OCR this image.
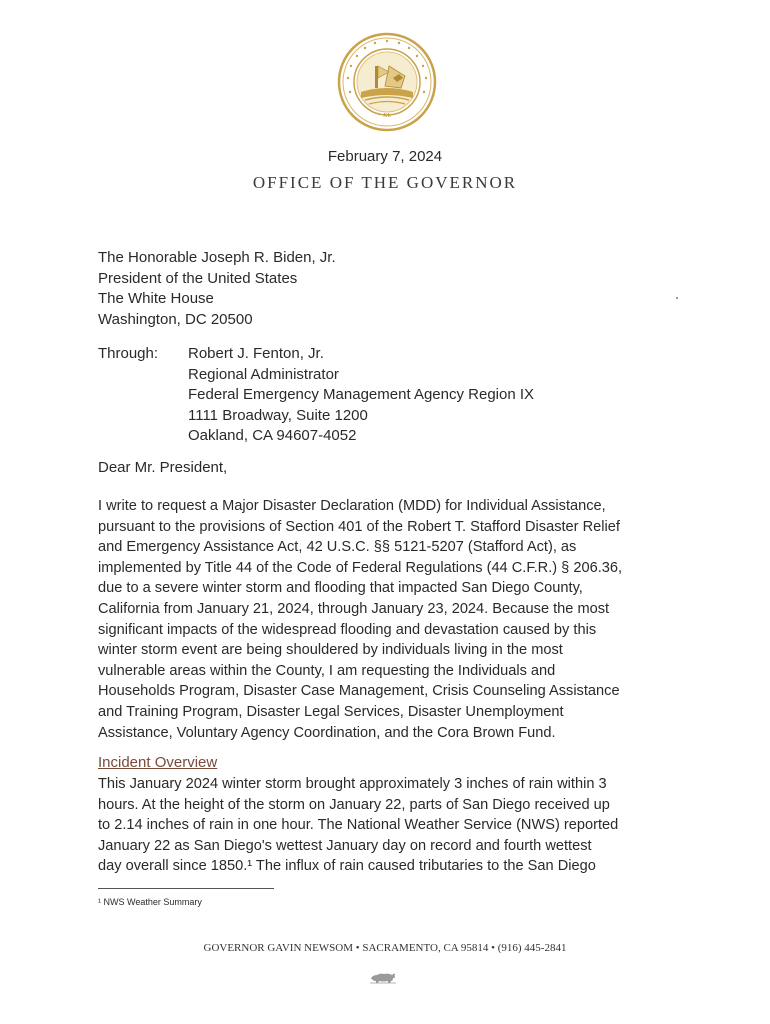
XL
February 7, 2024
OFFICE OF THE GOVERNOR
The Honorable Joseph R. Biden, Jr.
President of the United States
The White House
Washington, DC 20500
Through: Robert J. Fenton, Jr.
Regional Administrator
Federal Emergency Management Agency Region IX
1111 Broadway, Suite 1200
Oakland, CA 94607-4052
Dear Mr. President,
I write to request a Major Disaster Declaration (MDD) for Individual Assistance,
pursuant to the provisions of Section 401 of the Robert T. Stafford Disaster Relief
and Emergency Assistance Act, 42 U.S.C. §§ 5121-5207 (Stafford Act), as
implemented by Title 44 of the Code of Federal Regulations (44 C.F.R.) § 206.36,
due to a severe winter storm and flooding that impacted San Diego County,
California from January 21, 2024, through January 23, 2024. Because the most
significant impacts of the widespread flooding and devastation caused by this
winter storm event are being shouldered by individuals living in the most
vulnerable areas within the County, I am requesting the Individuals and
Households Program, Disaster Case Management, Crisis Counseling Assistance
and Training Program, Disaster Legal Services, Disaster Unemployment
Assistance, Voluntary Agency Coordination, and the Cora Brown Fund.
Incident Overview
This January 2024 winter storm brought approximately 3 inches of rain within 3
hours. At the height of the storm on January 22, parts of San Diego received up
to 2.14 inches of rain in one hour. The National Weather Service (NWS) reported
January 22 as San Diego's wettest January day on record and fourth wettest
day overall since 1850.¹ The influx of rain caused tributaries to the San Diego
¹ NWS Weather Summary
GOVERNOR GAVIN NEWSOM • SACRAMENTO, CA 95814 • (916) 445-2841
